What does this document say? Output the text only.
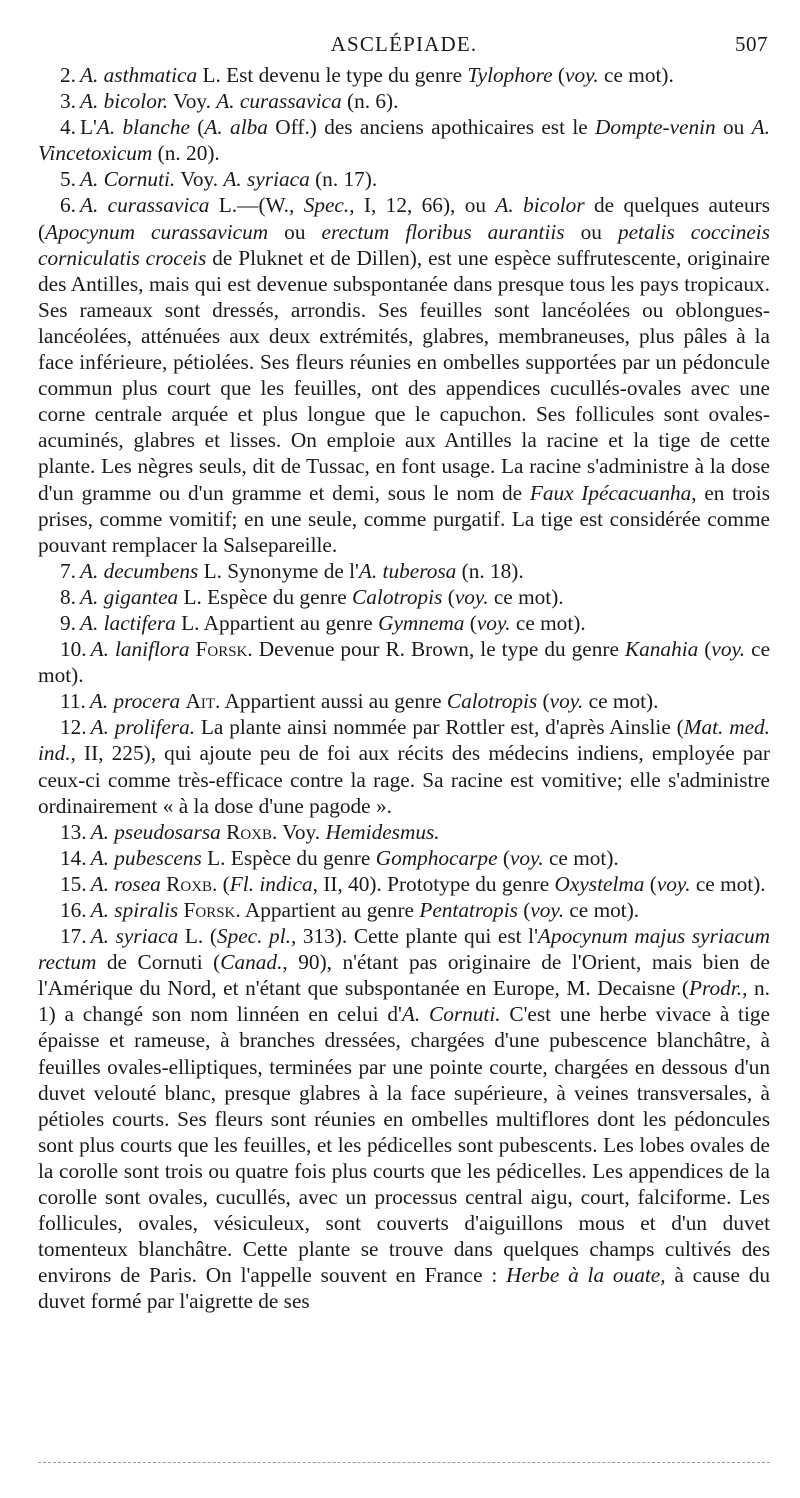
ASCLÉPIADE.	507

2. A. asthmatica L. Est devenu le type du genre Tylophore (voy. ce mot).

3. A. bicolor. Voy. A. curassavica (n. 6).

4. L'A. blanche (A. alba Off.) des anciens apothicaires est le Dompte-venin ou A. Vincetoxicum (n. 20).

5. A. Cornuti. Voy. A. syriaca (n. 17).

6. A. curassavica L.—(W., Spec., I, 12, 66), ou A. bicolor de quelques auteurs (Apocynum curassavicum ou erectum floribus aurantiis ou petalis coccineis corniculatis croceis de Pluknet et de Dillen), est une espèce suffrutescente, originaire des Antilles, mais qui est devenue subspontanée dans presque tous les pays tropicaux. Ses rameaux sont dressés, arrondis. Ses feuilles sont lancéolées ou oblongues-lancéolées, atténuées aux deux extrémités, glabres, membraneuses, plus pâles à la face inférieure, pétiolées. Ses fleurs réunies en ombelles supportées par un pédoncule commun plus court que les feuilles, ont des appendices cucullés-ovales avec une corne centrale arquée et plus longue que le capuchon. Ses follicules sont ovales-acuminés, glabres et lisses. On emploie aux Antilles la racine et la tige de cette plante. Les nègres seuls, dit de Tussac, en font usage. La racine s'administre à la dose d'un gramme ou d'un gramme et demi, sous le nom de Faux Ipécacuanha, en trois prises, comme vomitif; en une seule, comme purgatif. La tige est considérée comme pouvant remplacer la Salsepareille.

7. A. decumbens L. Synonyme de l'A. tuberosa (n. 18).

8. A. gigantea L. Espèce du genre Calotropis (voy. ce mot).

9. A. lactifera L. Appartient au genre Gymnema (voy. ce mot).

10. A. laniflora Forsk. Devenue pour R. Brown, le type du genre Kanahia (voy. ce mot).

11. A. procera Ait. Appartient aussi au genre Calotropis (voy. ce mot).

12. A. prolifera. La plante ainsi nommée par Rottler est, d'après Ainslie (Mat. med. ind., II, 225), qui ajoute peu de foi aux récits des médecins indiens, employée par ceux-ci comme très-efficace contre la rage. Sa racine est vomitive; elle s'administre ordinairement « à la dose d'une pagode ».

13. A. pseudosarsa Roxb. Voy. Hemidesmus.

14. A. pubescens L. Espèce du genre Gomphocarpe (voy. ce mot).

15. A. rosea Roxb. (Fl. indica, II, 40). Prototype du genre Oxystelma (voy. ce mot).

16. A. spiralis Forsk. Appartient au genre Pentatropis (voy. ce mot).

17. A. syriaca L. (Spec. pl., 313). Cette plante qui est l'Apocynum majus syriacum rectum de Cornuti (Canad., 90), n'étant pas originaire de l'Orient, mais bien de l'Amérique du Nord, et n'étant que subspontanée en Europe, M. Decaisne (Prodr., n. 1) a changé son nom linnéen en celui d'A. Cornuti. C'est une herbe vivace à tige épaisse et rameuse, à branches dressées, chargées d'une pubescence blanchâtre, à feuilles ovales-elliptiques, terminées par une pointe courte, chargées en dessous d'un duvet velouté blanc, presque glabres à la face supérieure, à veines transversales, à pétioles courts. Ses fleurs sont réunies en ombelles multiflores dont les pédoncules sont plus courts que les feuilles, et les pédicelles sont pubescents. Les lobes ovales de la corolle sont trois ou quatre fois plus courts que les pédicelles. Les appendices de la corolle sont ovales, cucullés, avec un processus central aigu, court, falciforme. Les follicules, ovales, vésiculeux, sont couverts d'aiguillons mous et d'un duvet tomenteux blanchâtre. Cette plante se trouve dans quelques champs cultivés des environs de Paris. On l'appelle souvent en France : Herbe à la ouate, à cause du duvet formé par l'aigrette de ses
